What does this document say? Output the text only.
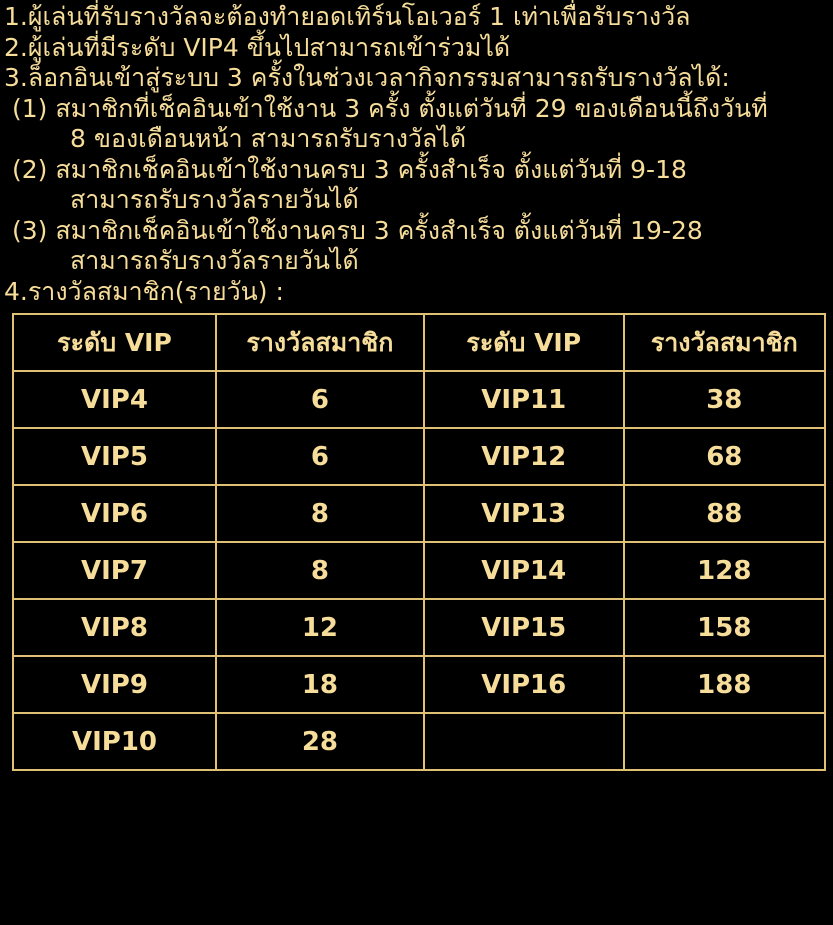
1.ผู้เล่นที่รับรางวัลจะต้องทำยอดเทิร์นโอเวอร์ 1 เท่าเพื่อรับรางวัล
2.ผู้เล่นที่มีระดับ VIP4 ขึ้นไปสามารถเข้าร่วมได้
3.ล็อกอินเข้าสู่ระบบ 3 ครั้งในช่วงเวลากิจกรรมสามารถรับรางวัลได้:
(1) สมาชิกที่เช็คอินเข้าใช้งาน 3 ครั้ง ตั้งแต่วันที่ 29 ของเดือนนี้ถึงวันที่
8 ของเดือนหน้า สามารถรับรางวัลได้
(2) สมาชิกเช็คอินเข้าใช้งานครบ 3 ครั้งสำเร็จ ตั้งแต่วันที่ 9-18
สามารถรับรางวัลรายวันได้
(3) สมาชิกเช็คอินเข้าใช้งานครบ 3 ครั้งสำเร็จ ตั้งแต่วันที่ 19-28
สามารถรับรางวัลรายวันได้
4.รางวัลสมาชิก(รายวัน) :
ระดับ VIP	รางวัลสมาชิก	ระดับ VIP	รางวัลสมาชิก
VIP4	6	VIP11	38
VIP5	6	VIP12	68
VIP6	8	VIP13	88
VIP7	8	VIP14	128
VIP8	12	VIP15	158
VIP9	18	VIP16	188
VIP10	28		
